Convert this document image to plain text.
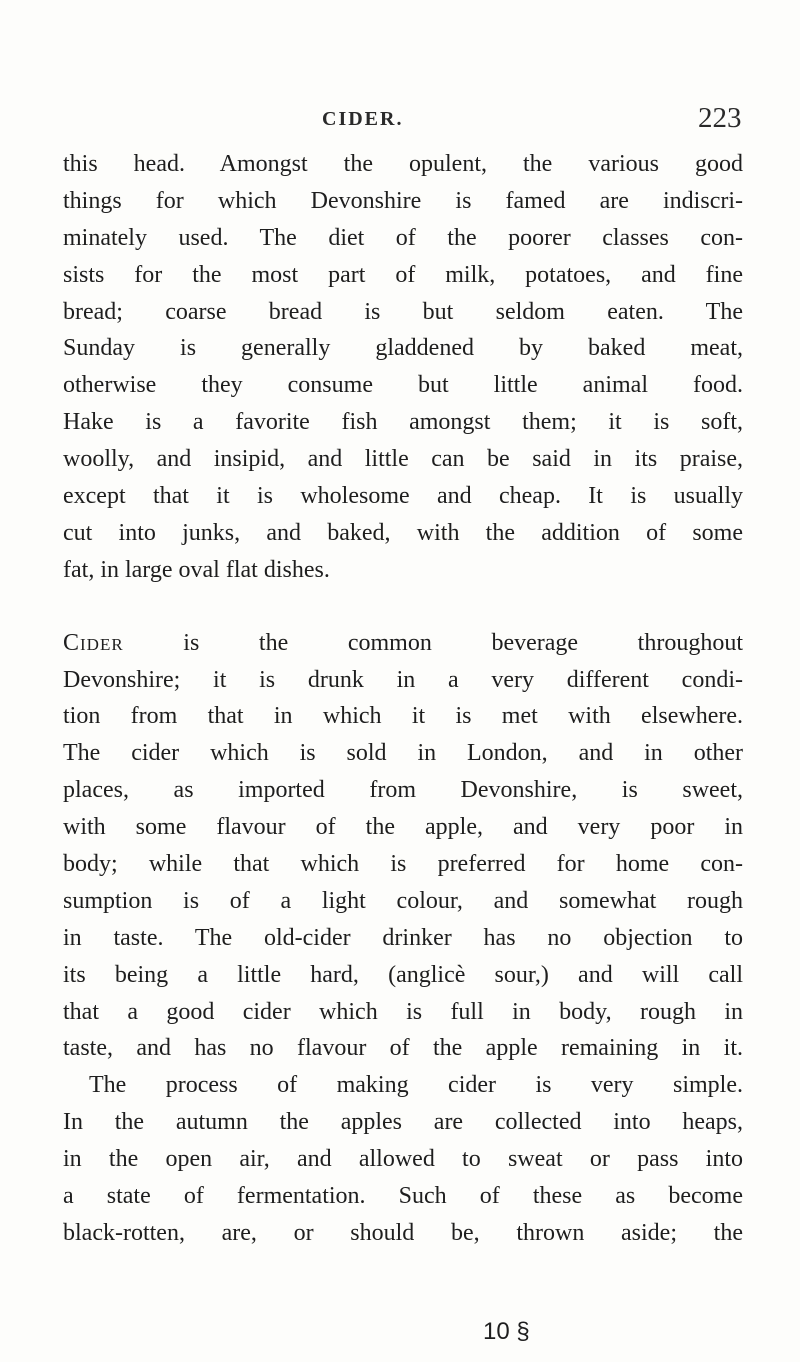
CIDER.	223
this head. Amongst the opulent, the various good
things for which Devonshire is famed are indiscri-
minately used. The diet of the poorer classes con-
sists for the most part of milk, potatoes, and fine
bread; coarse bread is but seldom eaten. The
Sunday is generally gladdened by baked meat,
otherwise they consume but little animal food.
Hake is a favorite fish amongst them; it is soft,
woolly, and insipid, and little can be said in its praise,
except that it is wholesome and cheap. It is usually
cut into junks, and baked, with the addition of some
fat, in large oval flat dishes.
Cider is the common beverage throughout
Devonshire; it is drunk in a very different condi-
tion from that in which it is met with elsewhere.
The cider which is sold in London, and in other
places, as imported from Devonshire, is sweet,
with some flavour of the apple, and very poor in
body; while that which is preferred for home con-
sumption is of a light colour, and somewhat rough
in taste. The old-cider drinker has no objection to
its being a little hard, (anglicè sour,) and will call
that a good cider which is full in body, rough in
taste, and has no flavour of the apple remaining in it.
The process of making cider is very simple.
In the autumn the apples are collected into heaps,
in the open air, and allowed to sweat or pass into
a state of fermentation. Such of these as become
black-rotten, are, or should be, thrown aside; the
10 §
